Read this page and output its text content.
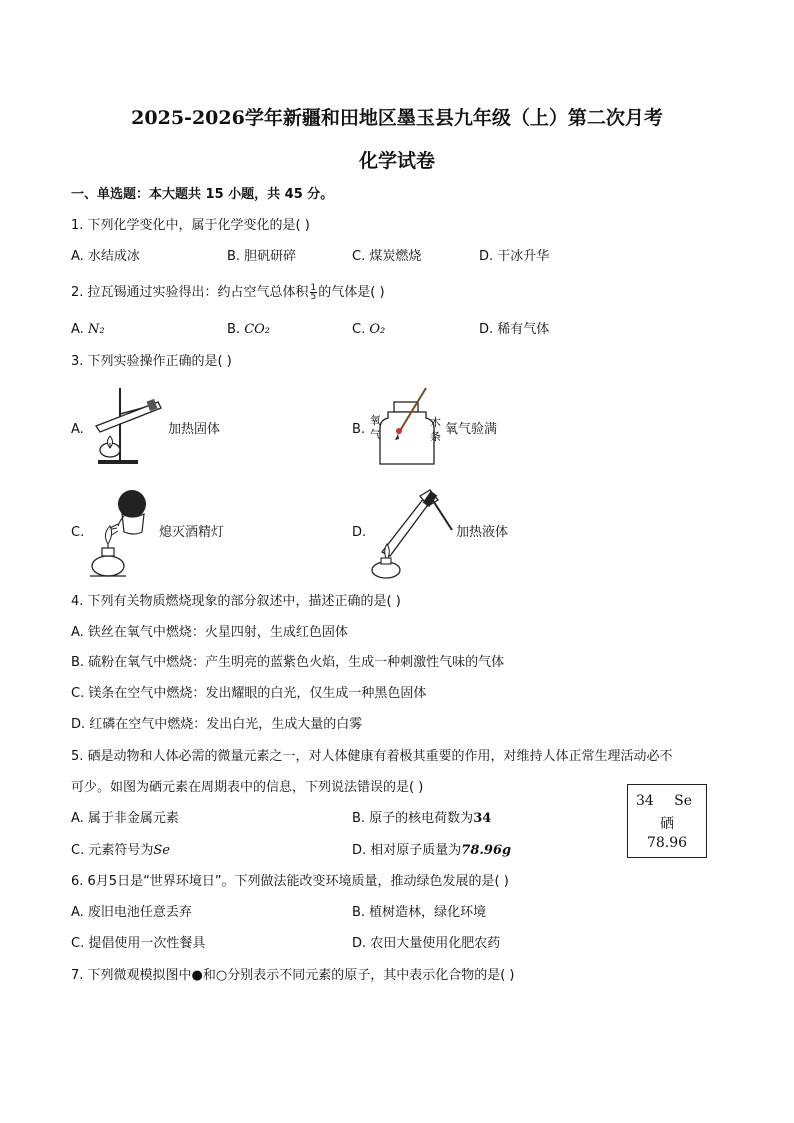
2025-2026学年新疆和田地区墨玉县九年级（上）第二次月考
化学试卷
一、单选题：本大题共 15 小题，共 45 分。
1. 下列化学变化中，属于化学变化的是( )
A. 水结成冰	B. 胆矾研碎	C. 煤炭燃烧	D. 干冰升华
2. 拉瓦锡通过实验得出：约占空气总体积 $\frac{1}{5}$ 的气体是( )
A. N₂	B. CO₂	C. O₂	D. 稀有气体
3. 下列实验操作正确的是( )
A.	加热固体	B.
氧
气
木
条 氧气验满
C.	熄灭酒精灯	D.	加热液体
4. 下列有关物质燃烧现象的部分叙述中，描述正确的是( )
A. 铁丝在氧气中燃烧：火星四射，生成红色固体
B. 硫粉在氧气中燃烧：产生明亮的蓝紫色火焰，生成一种刺激性气味的气体
C. 镁条在空气中燃烧：发出耀眼的白光，仅生成一种黑色固体
D. 红磷在空气中燃烧：发出白光，生成大量的白雾
5. 硒是动物和人体必需的微量元素之一，对人体健康有着极其重要的作用，对维持人体正常生理活动必不
可少。如图为硒元素在周期表中的信息，下列说法错误的是( )
A. 属于非金属元素	B. 原子的核电荷数为34
C. 元素符号为Se	D. 相对原子质量为78.96g
34 Se
硒
78.96
6. 6月5日是“世界环境日”。下列做法能改变环境质量，推动绿色发展的是( )
A. 废旧电池任意丢弃	B. 植树造林，绿化环境
C. 提倡使用一次性餐具	D. 农田大量使用化肥农药
7. 下列微观模拟图中●和○分别表示不同元素的原子，其中表示化合物的是( )
